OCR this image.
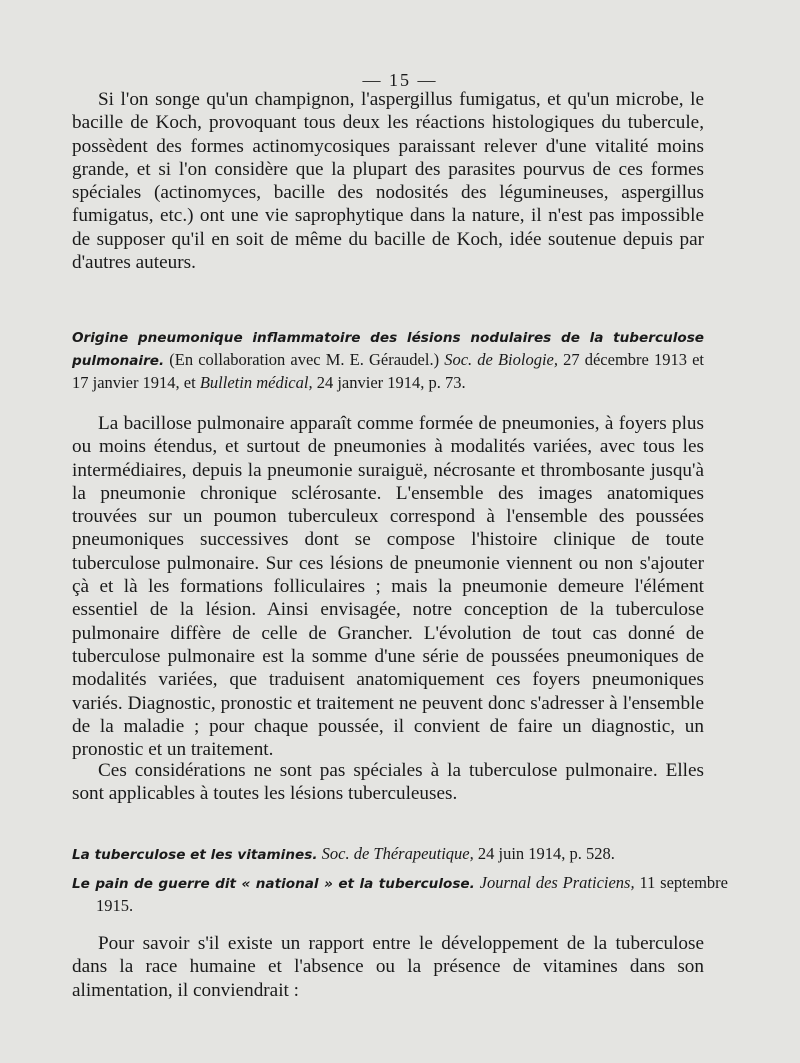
— 15 —

Si l'on songe qu'un champignon, l'aspergillus fumigatus, et qu'un microbe, le bacille de Koch, provoquant tous deux les réactions histologiques du tubercule, possèdent des formes actinomycosiques paraissant relever d'une vitalité moins grande, et si l'on considère que la plupart des parasites pourvus de ces formes spéciales (actinomyces, bacille des nodosités des légumineuses, aspergillus fumigatus, etc.) ont une vie saprophytique dans la nature, il n'est pas impossible de supposer qu'il en soit de même du bacille de Koch, idée soutenue depuis par d'autres auteurs.

Origine pneumonique inflammatoire des lésions nodulaires de la tuberculose pulmonaire. (En collaboration avec M. E. Géraudel.) Soc. de Biologie, 27 décembre 1913 et 17 janvier 1914, et Bulletin médical, 24 janvier 1914, p. 73.

La bacillose pulmonaire apparaît comme formée de pneumonies, à foyers plus ou moins étendus, et surtout de pneumonies à modalités variées, avec tous les intermédiaires, depuis la pneumonie suraiguë, nécrosante et thrombosante jusqu'à la pneumonie chronique sclérosante. L'ensemble des images anatomiques trouvées sur un poumon tuberculeux correspond à l'ensemble des poussées pneumoniques successives dont se compose l'histoire clinique de toute tuberculose pulmonaire. Sur ces lésions de pneumonie viennent ou non s'ajouter çà et là les formations folliculaires ; mais la pneumonie demeure l'élément essentiel de la lésion. Ainsi envisagée, notre conception de la tuberculose pulmonaire diffère de celle de Grancher. L'évolution de tout cas donné de tuberculose pulmonaire est la somme d'une série de poussées pneumoniques de modalités variées, que traduisent anatomiquement ces foyers pneumoniques variés. Diagnostic, pronostic et traitement ne peuvent donc s'adresser à l'ensemble de la maladie ; pour chaque poussée, il convient de faire un diagnostic, un pronostic et un traitement.

Ces considérations ne sont pas spéciales à la tuberculose pulmonaire. Elles sont applicables à toutes les lésions tuberculeuses.

La tuberculose et les vitamines. Soc. de Thérapeutique, 24 juin 1914, p. 528.

Le pain de guerre dit « national » et la tuberculose. Journal des Praticiens, 11 septembre 1915.

Pour savoir s'il existe un rapport entre le développement de la tuberculose dans la race humaine et l'absence ou la présence de vitamines dans son alimentation, il conviendrait :
